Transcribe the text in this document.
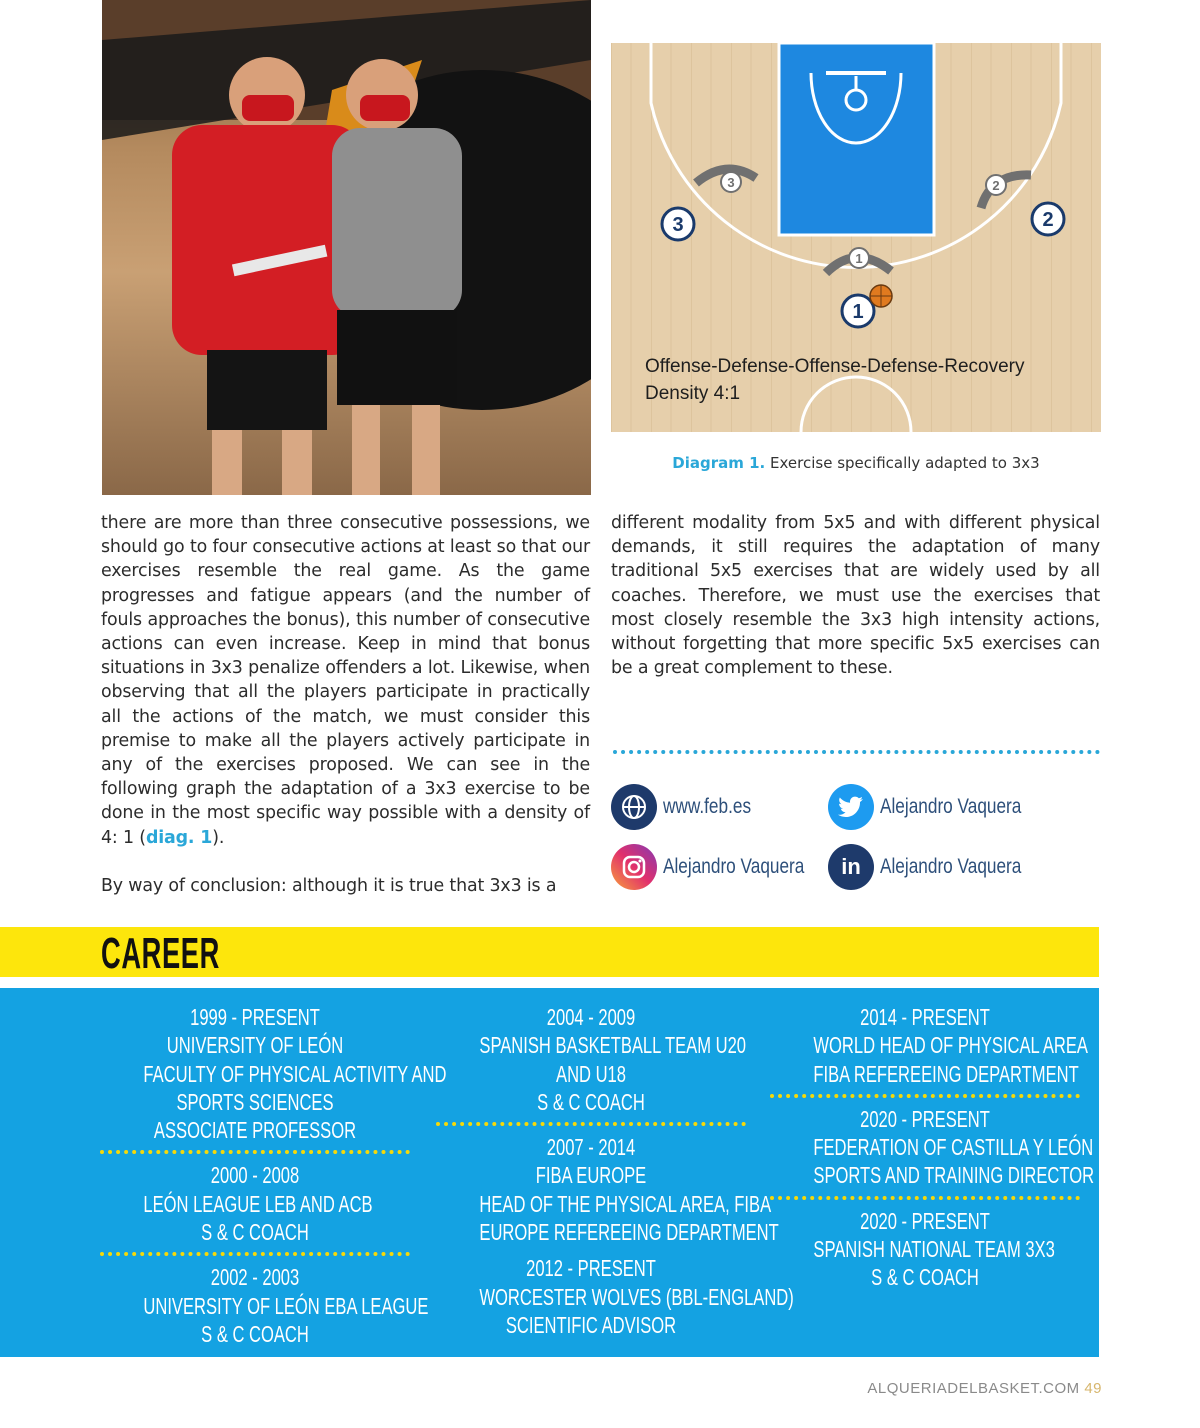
3	2
1
3	2
1
Offense-Defense-Offense-Defense-Recovery
Density 4:1
Diagram 1. Exercise specifically adapted to 3x3

there are more than three consecutive possessions, we should go to four consecutive actions at least so that our exercises resemble the real game. As the game progresses and fatigue appears (and the number of fouls approaches the bonus), this number of consecutive actions can even increase. Keep in mind that bonus situations in 3x3 penalize offenders a lot. Likewise, when observing that all the players participate in practically all the actions of the match, we must consider this premise to make all the players actively participate in any of the exercises proposed. We can see in the following graph the adaptation of a 3x3 exercise to be done in the most specific way possible with a density of 4: 1 (diag. 1).

By way of conclusion: although it is true that 3x3 is a

different modality from 5x5 and with different physical demands, it still requires the adaptation of many traditional 5x5 exercises that are widely used by all coaches. Therefore, we must use the exercises that most closely resemble the 3x3 high intensity actions, without forgetting that more specific 5x5 exercises can be a great complement to these.

www.feb.es	Alejandro Vaquera
Alejandro Vaquera in Alejandro Vaquera
CAREER
1999 - PRESENT
UNIVERSITY OF LEÓN
FACULTY OF PHYSICAL ACTIVITY AND
SPORTS SCIENCES
ASSOCIATE PROFESSOR
2000 - 2008
LEÓN LEAGUE LEB AND ACB
S & C COACH
2002 - 2003
UNIVERSITY OF LEÓN EBA LEAGUE
S & C COACH
2004 - 2009
SPANISH BASKETBALL TEAM U20
AND U18
S & C COACH
2007 - 2014
FIBA EUROPE
HEAD OF THE PHYSICAL AREA, FIBA
EUROPE REFEREEING DEPARTMENT
2012 - PRESENT
WORCESTER WOLVES (BBL-ENGLAND)
SCIENTIFIC ADVISOR
2014 - PRESENT
WORLD HEAD OF PHYSICAL AREA
FIBA REFEREEING DEPARTMENT
2020 - PRESENT
FEDERATION OF CASTILLA Y LEÓN
SPORTS AND TRAINING DIRECTOR
2020 - PRESENT
SPANISH NATIONAL TEAM 3X3
S & C COACH
ALQUERIADELBASKET.COM 49
